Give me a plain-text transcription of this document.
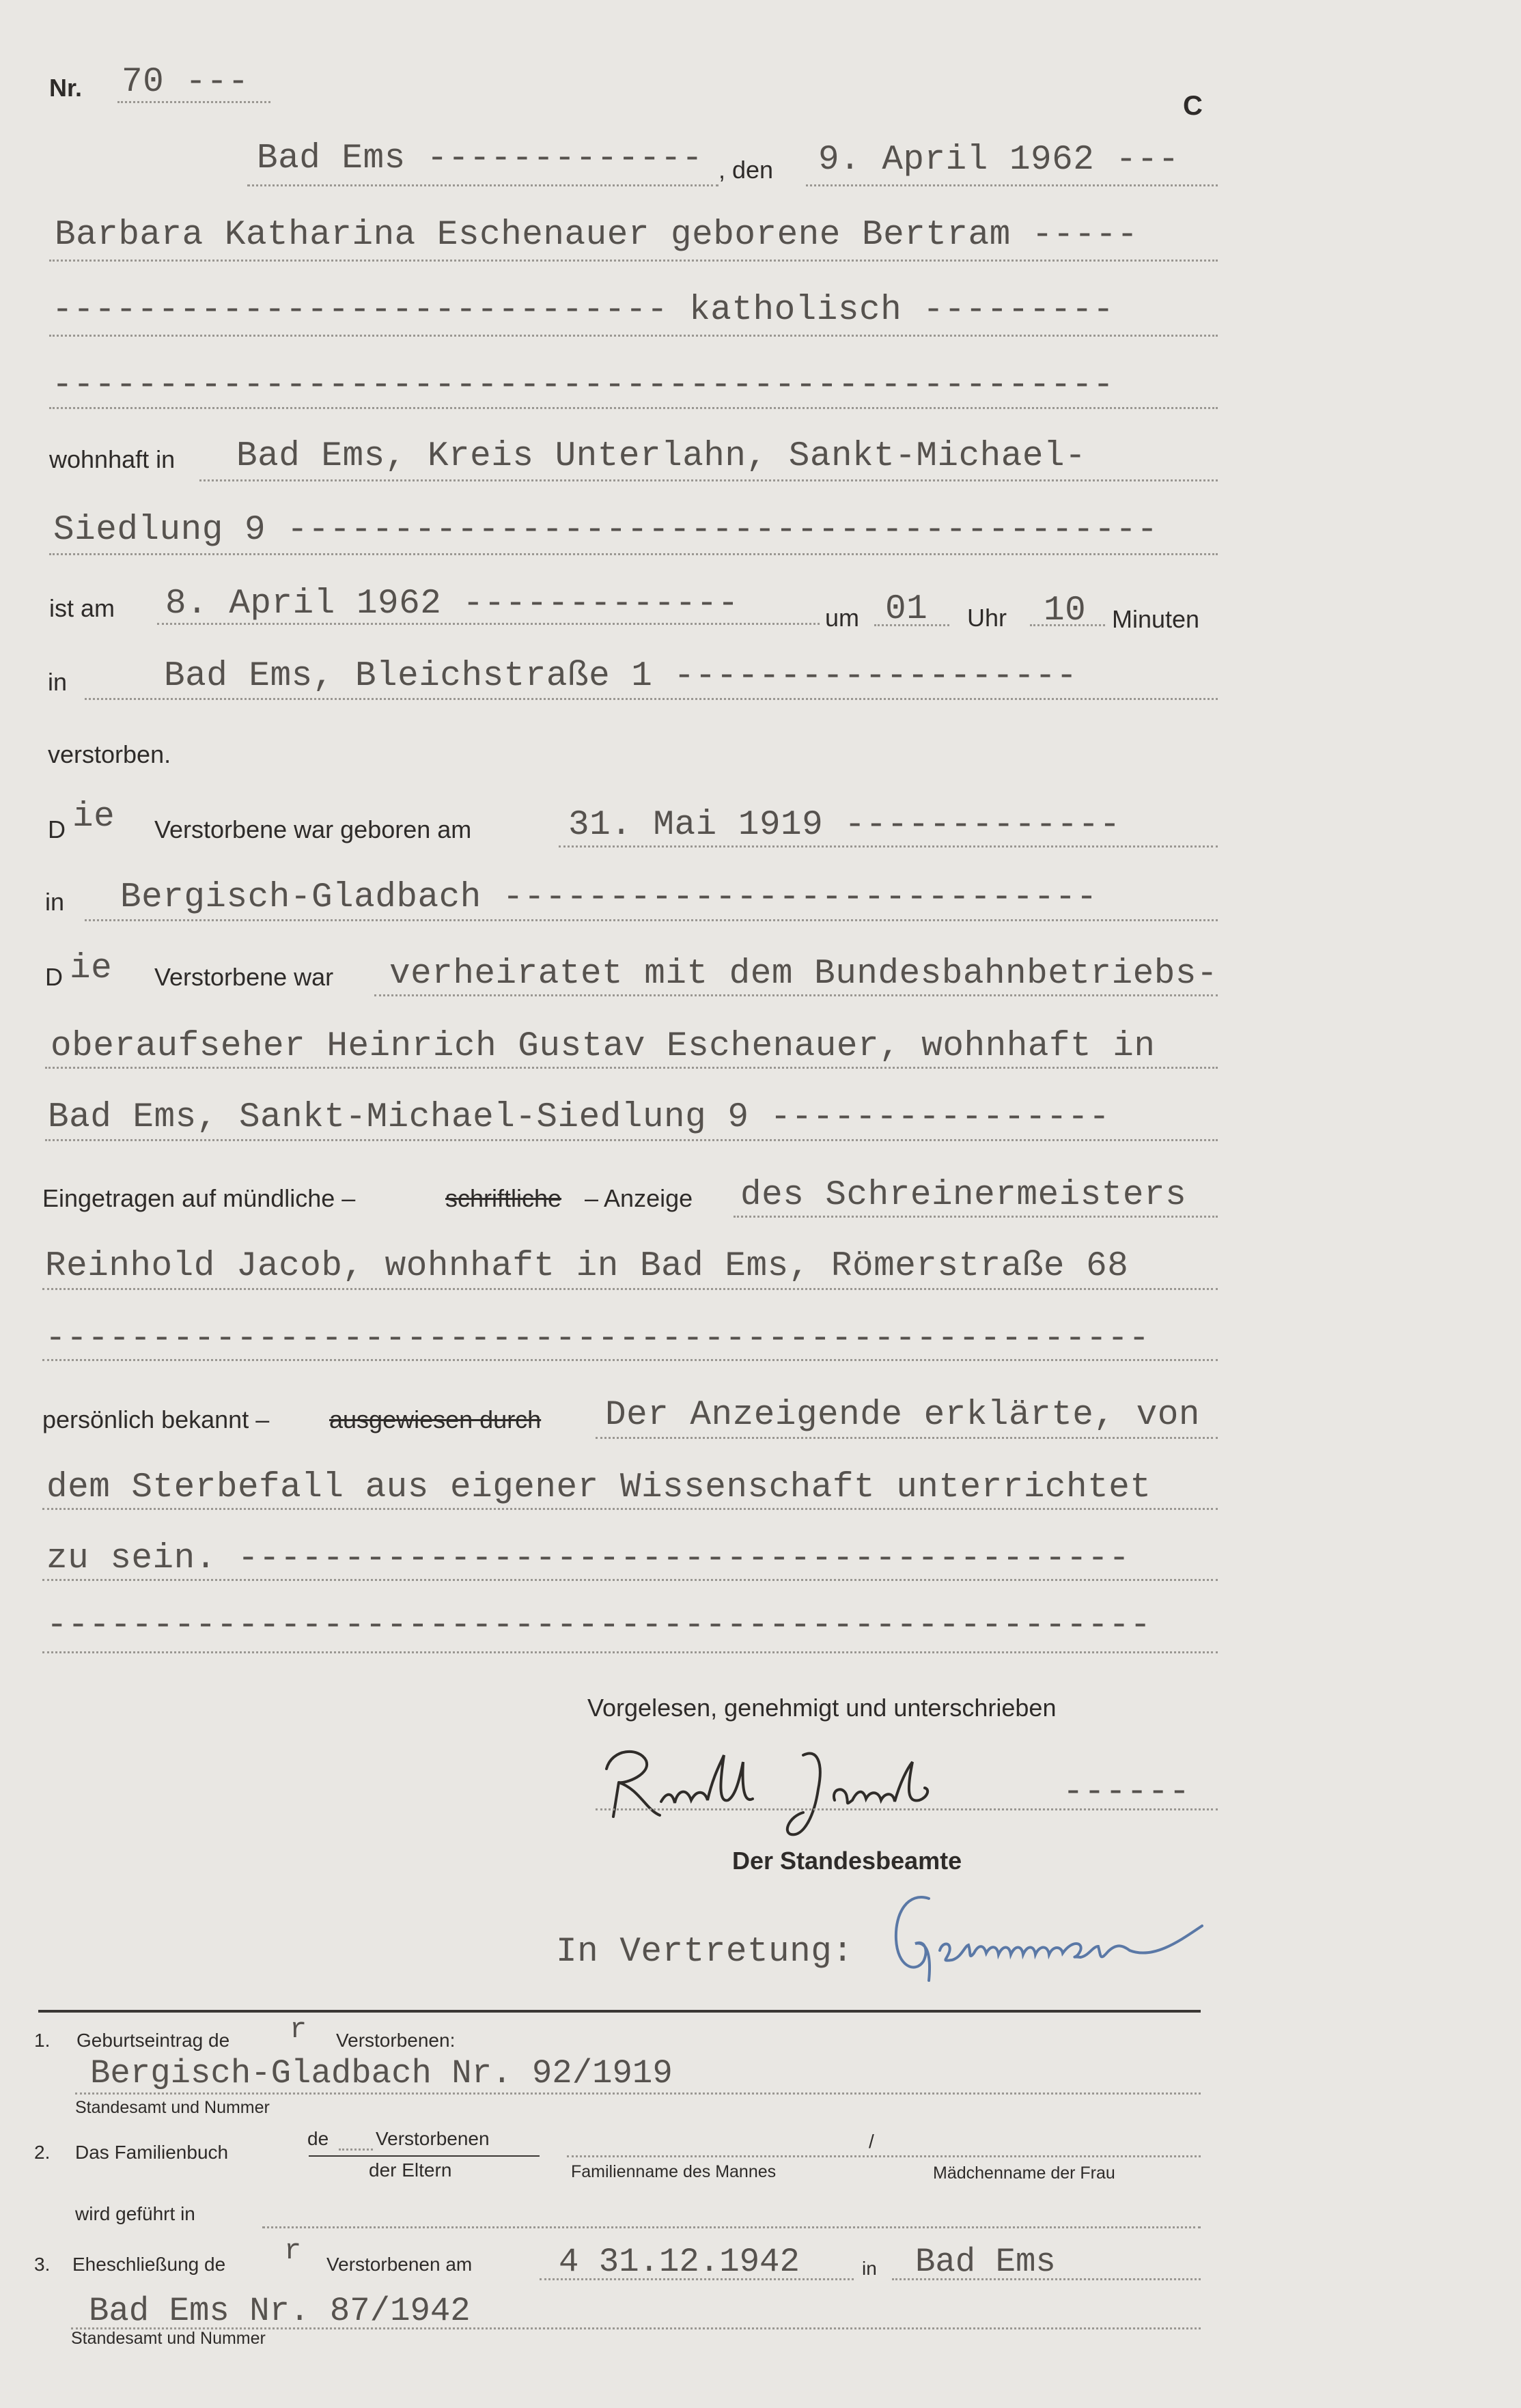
Nr. 70 ---
C
Bad Ems ------------- , den 9. April 1962 ---
Barbara Katharina Eschenauer geborene Bertram -----
----------------------------- katholisch ---------
--------------------------------------------------
wohnhaft in Bad Ems, Kreis Unterlahn, Sankt-Michael-
Siedlung 9 -----------------------------------------
ist am 8. April 1962 -------------	um 01 Uhr 10 Minuten
in	Bad Ems, Bleichstraße 1 -------------------
verstorben.
D ie Verstorbene war geboren am	31. Mai 1919 -------------
in Bergisch-Gladbach ----------------------------
D ie Verstorbene war verheiratet mit dem Bundesbahnbetriebs-
oberaufseher Heinrich Gustav Eschenauer, wohnhaft in
Bad Ems, Sankt-Michael-Siedlung 9 ----------------
Eingetragen auf mündliche –	schriftliche – Anzeige des Schreinermeisters
Reinhold Jacob, wohnhaft in Bad Ems, Römerstraße 68
----------------------------------------------------
persönlich bekannt – ausgewiesen durch Der Anzeigende erklärte, von
dem Sterbefall aus eigener Wissenschaft unterrichtet
zu sein. ------------------------------------------
----------------------------------------------------
Vorgelesen, genehmigt und unterschrieben
------
Der Standesbeamte
In Vertretung:
1. Geburtseintrag de r Verstorbenen:
Bergisch-Gladbach Nr. 92/1919
Standesamt und Nummer
2. Das Familienbuch
de Verstorbenen
der Eltern
/
Familienname des Mannes	Mädchenname der Frau
wird geführt in
3. Eheschließung de r Verstorbenen am	4 31.12.1942	in Bad Ems
Bad Ems Nr. 87/1942
Standesamt und Nummer
